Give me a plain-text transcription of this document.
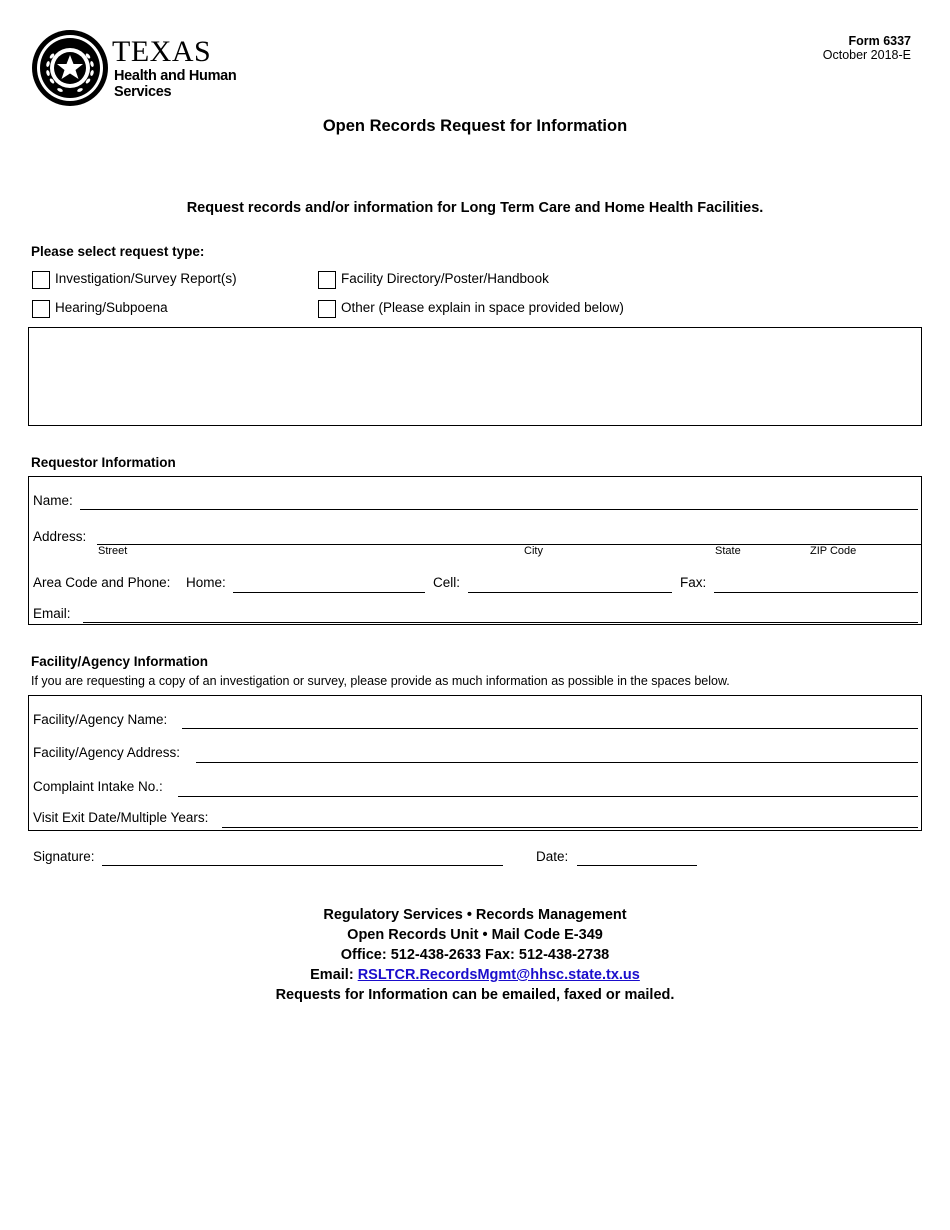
TEXAS
Health and Human
Services
Form 6337
October 2018-E
Open Records Request for Information
Request records and/or information for Long Term Care and Home Health Facilities.
Please select request type:
Investigation/Survey Report(s)	Facility Directory/Poster/Handbook
Hearing/Subpoena	Other (Please explain in space provided below)
Requestor Information
Name:
Address:
Street	City	State	ZIP Code
Area Code and Phone: Home:	Cell:	Fax:
Email:
Facility/Agency Information
If you are requesting a copy of an investigation or survey, please provide as much information as possible in the spaces below.
Facility/Agency Name:
Facility/Agency Address:
Complaint Intake No.:
Visit Exit Date/Multiple Years:
Signature:	Date:
Regulatory Services • Records Management
Open Records Unit • Mail Code E-349
Office: 512-438-2633 Fax: 512-438-2738
Email: RSLTCR.RecordsMgmt@hhsc.state.tx.us
Requests for Information can be emailed, faxed or mailed.
